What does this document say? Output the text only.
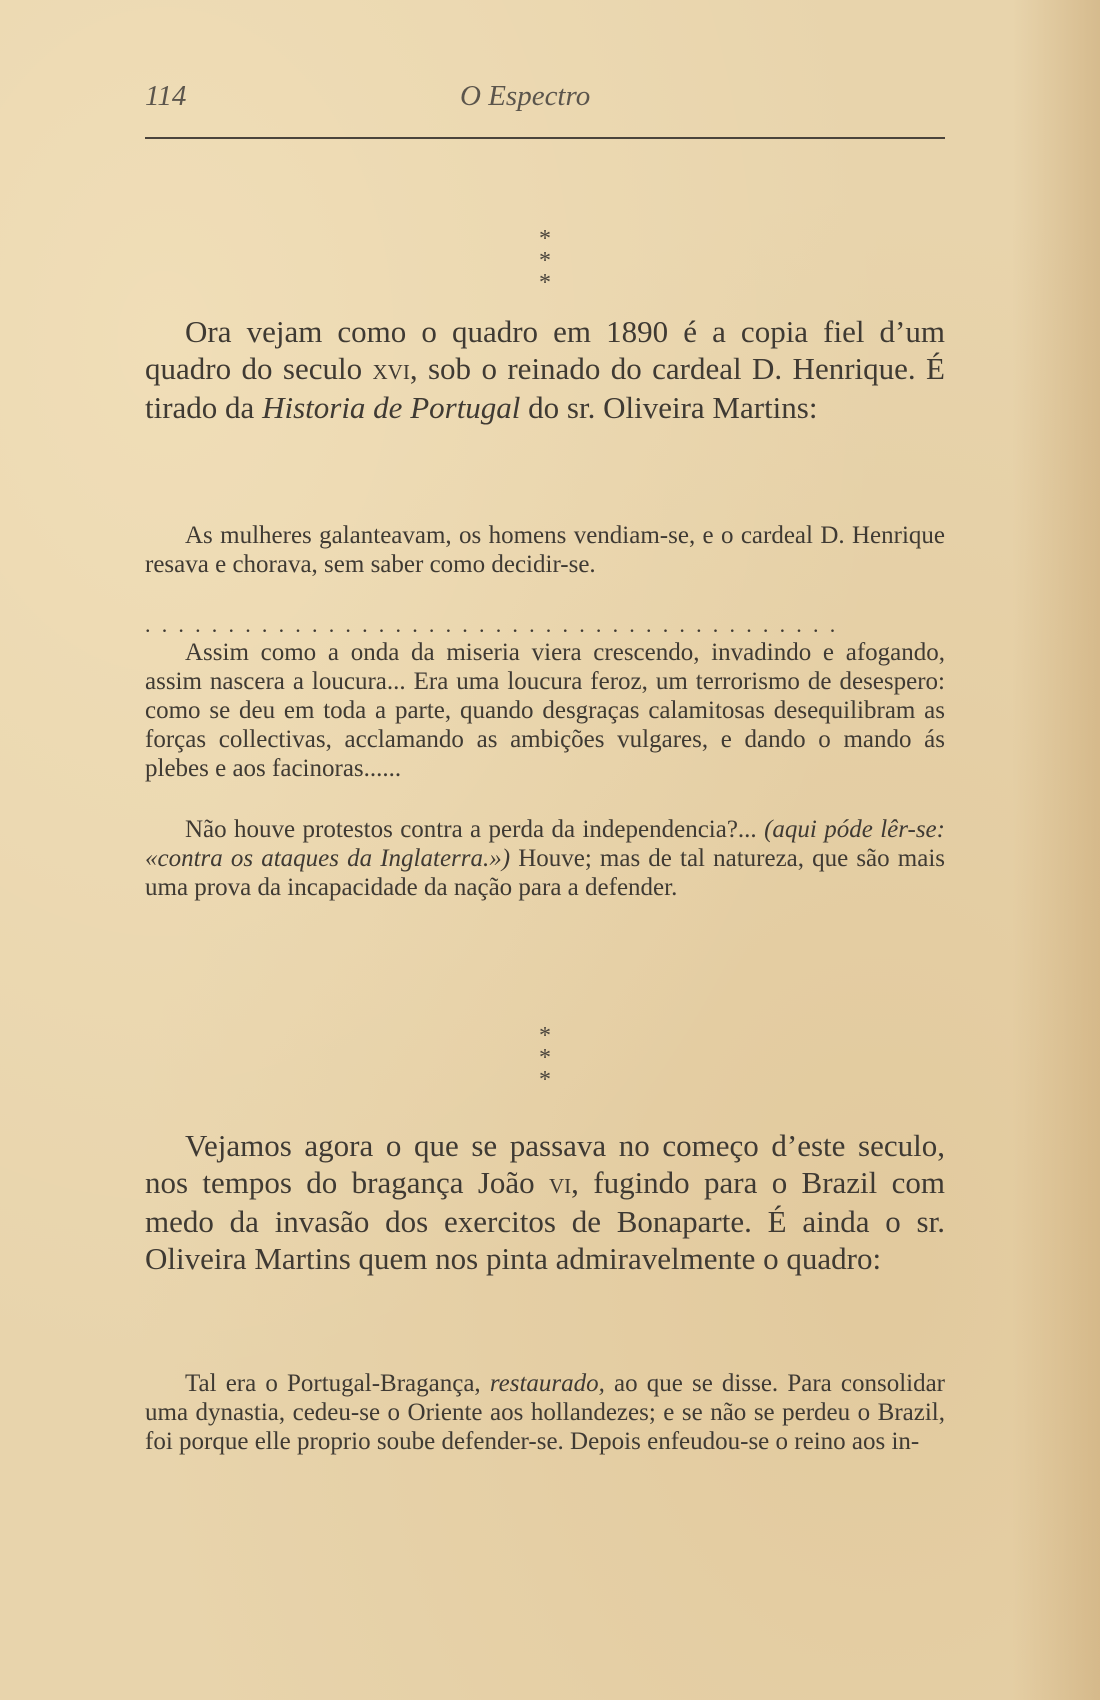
114	O Espectro
*
* *

Ora vejam como o quadro em 1890 é a copia fiel d’um quadro do seculo xvi, sob o reinado do cardeal D. Henrique. É tirado da Historia de Portugal do sr. Oliveira Martins:

As mulheres galanteavam, os homens vendiam-se, e o cardeal D. Henrique resava e chorava, sem saber como decidir-se.

..........................................

Assim como a onda da miseria viera crescendo, invadindo e afogando, assim nascera a loucura... Era uma loucura feroz, um terrorismo de desespero: como se deu em toda a parte, quando desgraças calamitosas desequilibram as forças collectivas, acclamando as ambições vulgares, e dando o mando ás plebes e aos facinoras......

Não houve protestos contra a perda da independencia?... (aqui póde lêr-se: «contra os ataques da Inglaterra.») Houve; mas de tal natureza, que são mais uma prova da incapacidade da nação para a defender.

*
* *

Vejamos agora o que se passava no começo d’este seculo, nos tempos do bragança João vi, fugindo para o Brazil com medo da invasão dos exercitos de Bonaparte. É ainda o sr. Oliveira Martins quem nos pinta admiravelmente o quadro:

Tal era o Portugal-Bragança, restaurado, ao que se disse. Para consolidar uma dynastia, cedeu-se o Oriente aos hollandezes; e se não se perdeu o Brazil, foi porque elle proprio soube defender-se. Depois enfeudou-se o reino aos in-
